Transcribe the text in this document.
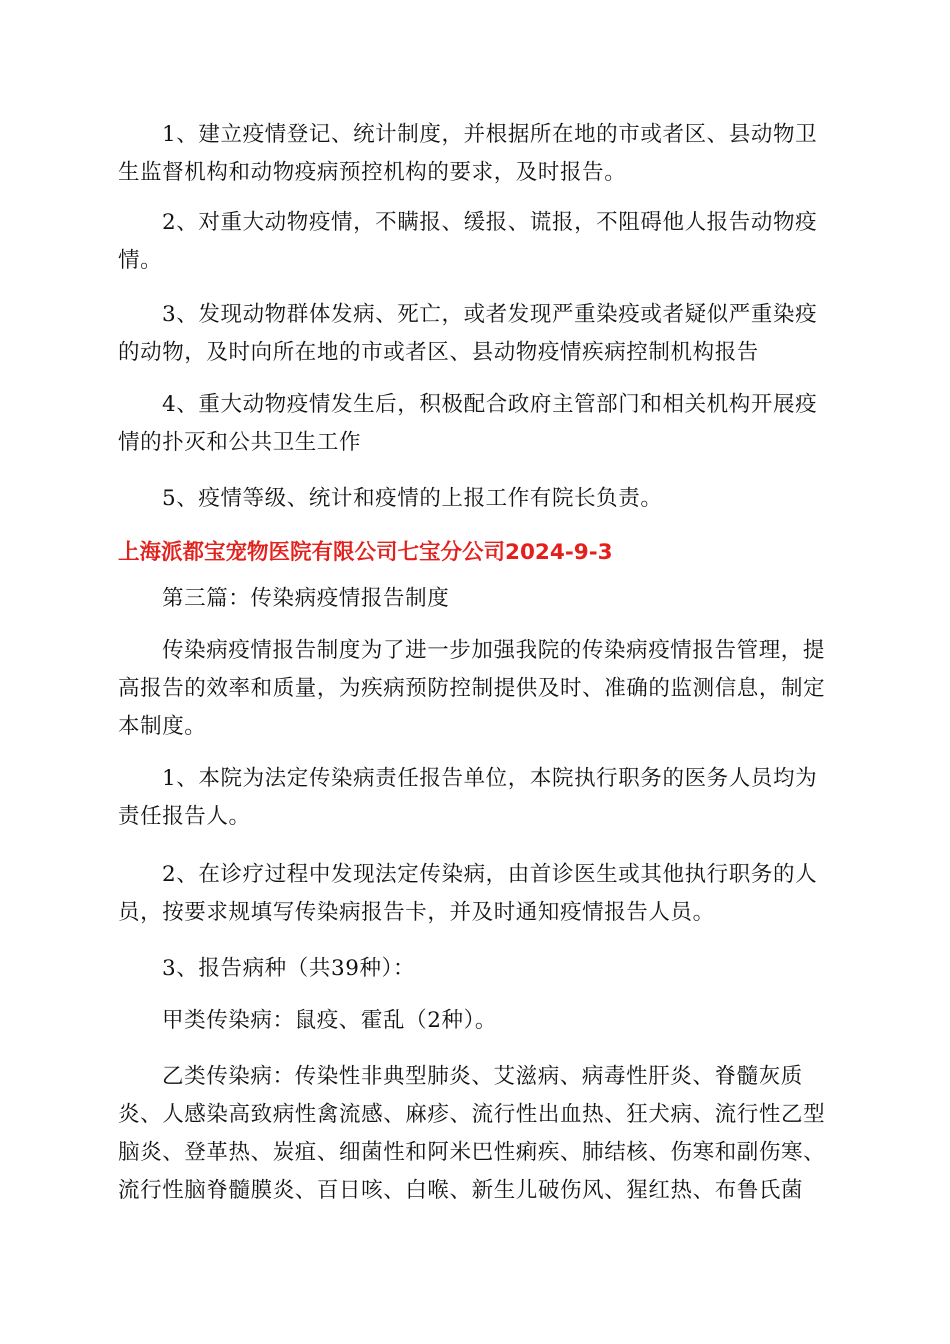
1、建立疫情登记、统计制度，并根据所在地的市或者区、县动物卫生监督机构和动物疫病预控机构的要求，及时报告。

2、对重大动物疫情，不瞒报、缓报、谎报，不阻碍他人报告动物疫情。

3、发现动物群体发病、死亡，或者发现严重染疫或者疑似严重染疫的动物，及时向所在地的市或者区、县动物疫情疾病控制机构报告

4、重大动物疫情发生后，积极配合政府主管部门和相关机构开展疫情的扑灭和公共卫生工作

5、疫情等级、统计和疫情的上报工作有院长负责。

上海派都宝宠物医院有限公司七宝分公司2024-9-3

第三篇：传染病疫情报告制度

传染病疫情报告制度为了进一步加强我院的传染病疫情报告管理，提高报告的效率和质量，为疾病预防控制提供及时、准确的监测信息，制定本制度。

1、本院为法定传染病责任报告单位，本院执行职务的医务人员均为责任报告人。

2、在诊疗过程中发现法定传染病，由首诊医生或其他执行职务的人员，按要求规填写传染病报告卡，并及时通知疫情报告人员。

3、报告病种（共39种）：

甲类传染病：鼠疫、霍乱（2种）。

乙类传染病：传染性非典型肺炎、艾滋病、病毒性肝炎、脊髓灰质炎、人感染高致病性禽流感、麻疹、流行性出血热、狂犬病、流行性乙型脑炎、登革热、炭疽、细菌性和阿米巴性痢疾、肺结核、伤寒和副伤寒、流行性脑脊髓膜炎、百日咳、白喉、新生儿破伤风、猩红热、布鲁氏菌
